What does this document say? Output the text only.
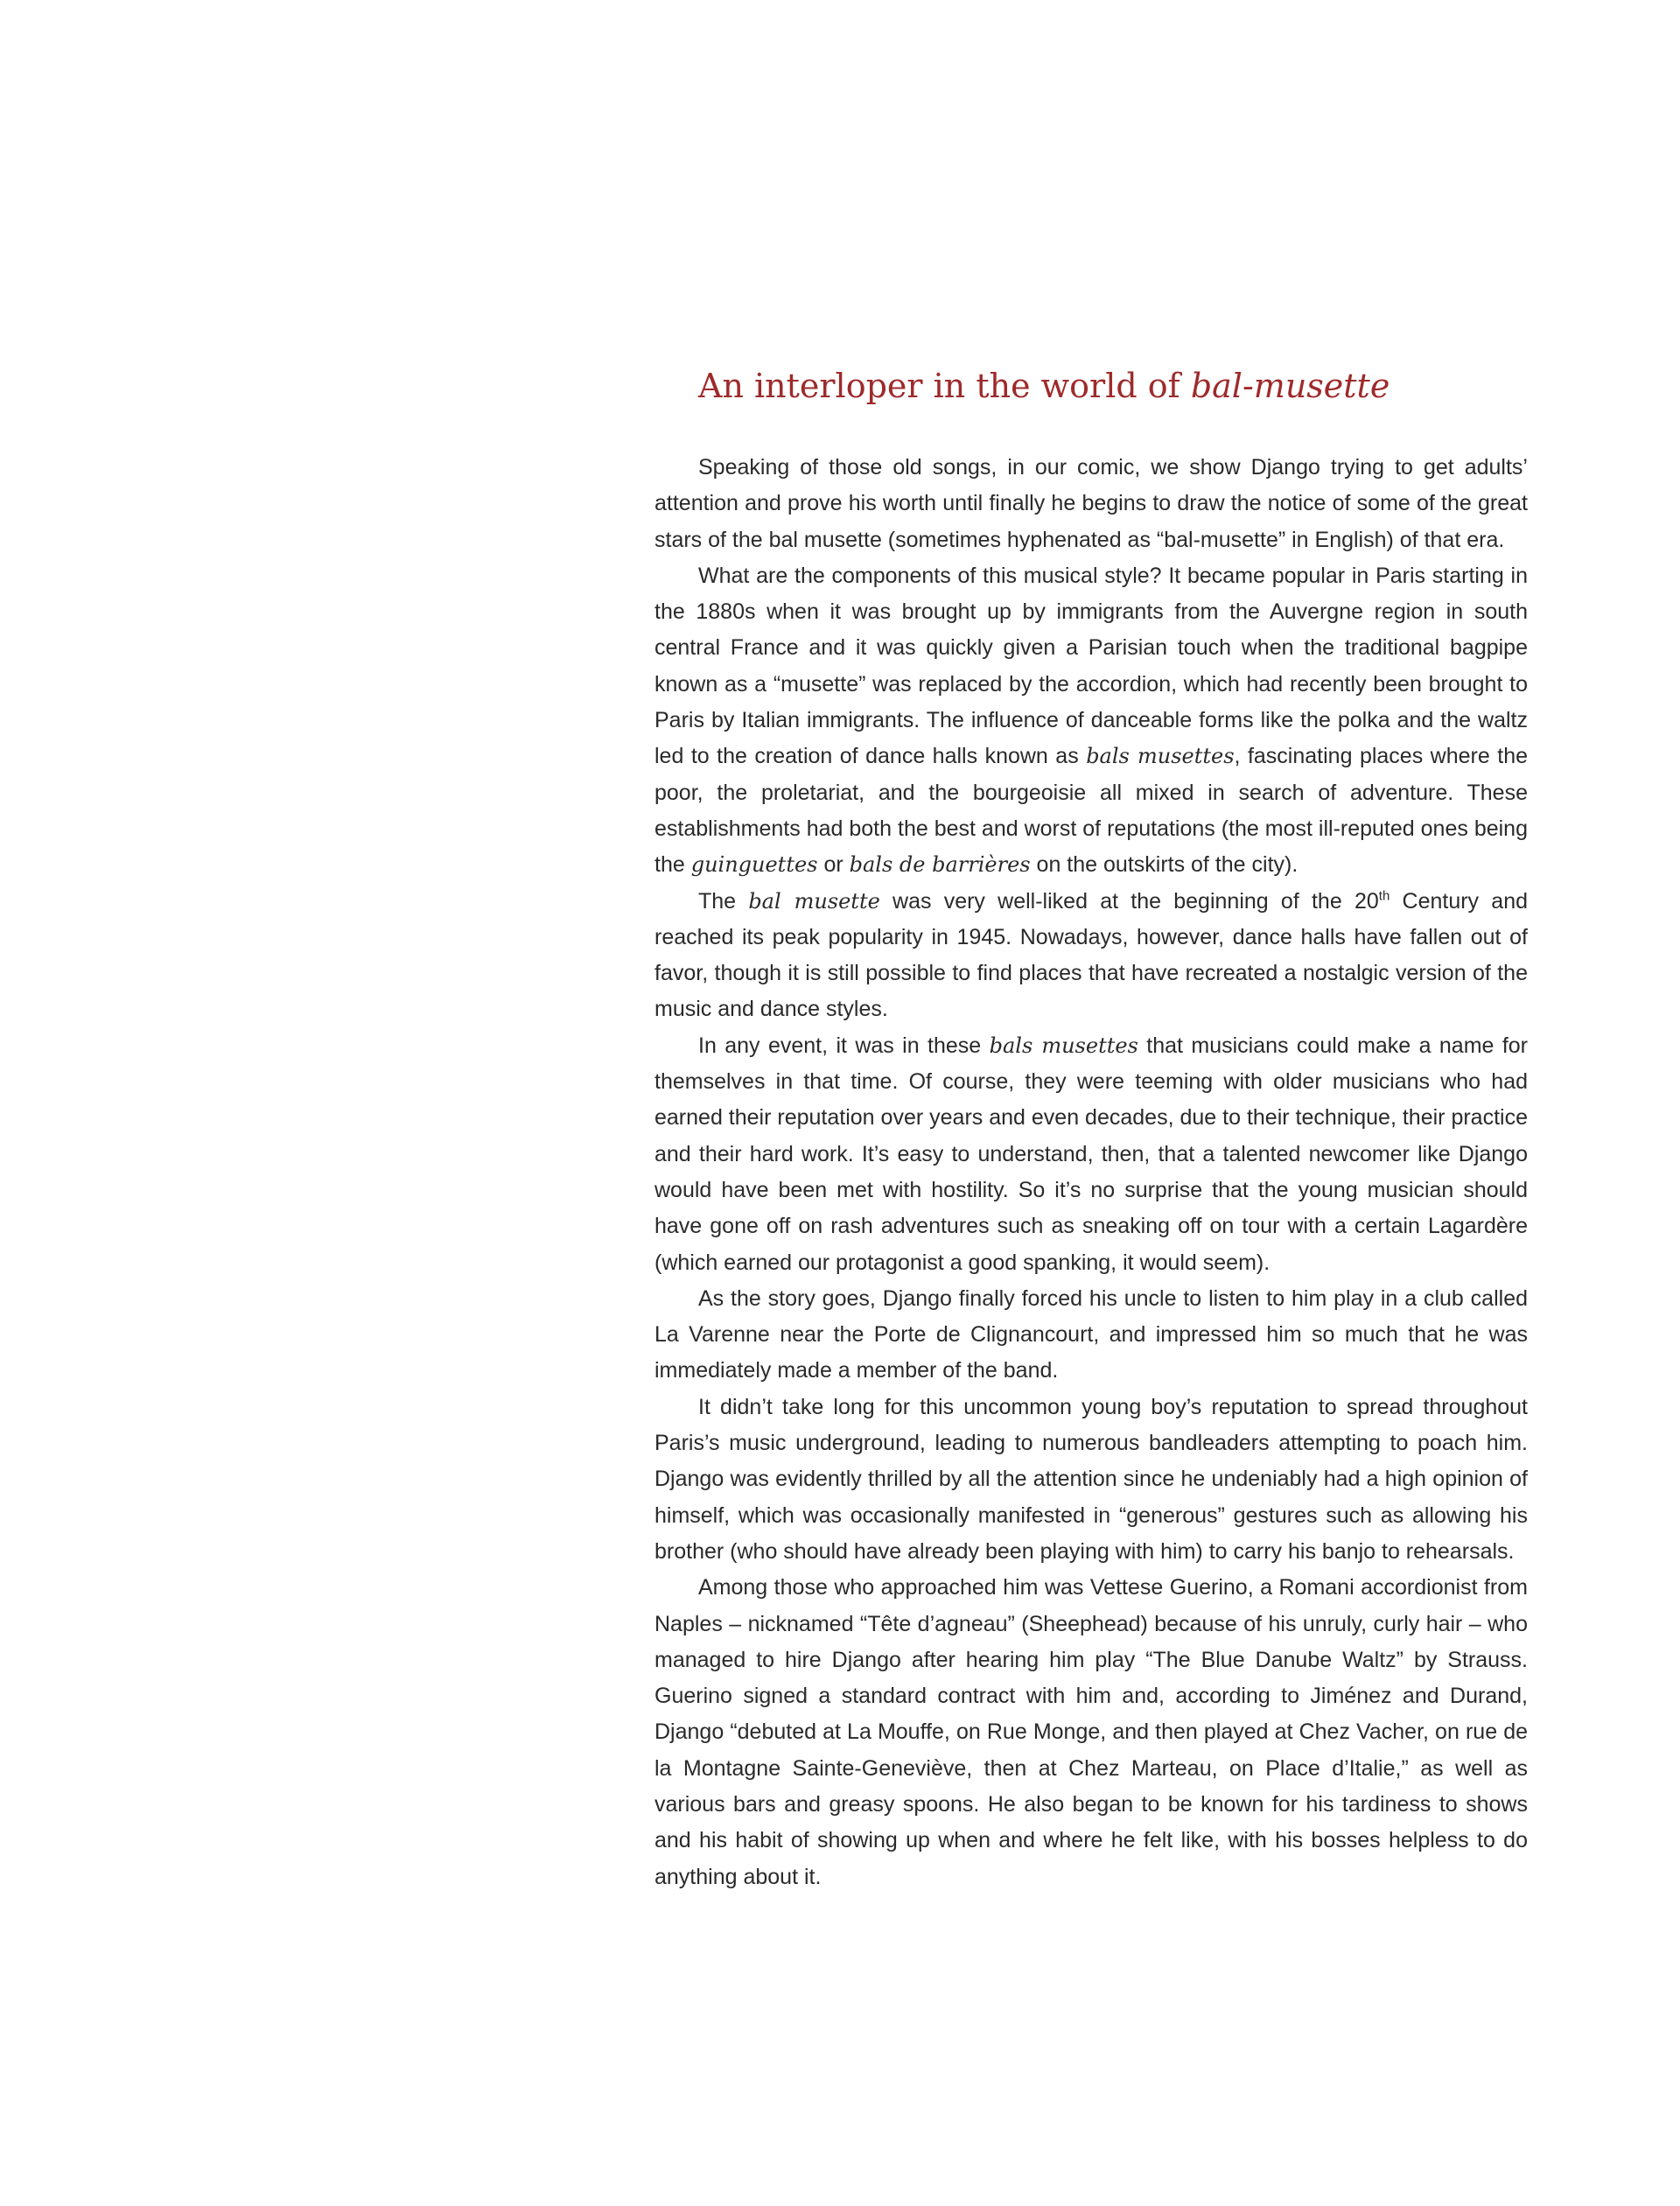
An interloper in the world of bal-musette

Speaking of those old songs, in our comic, we show Django trying to get adults’ attention and prove his worth until finally he begins to draw the notice of some of the great stars of the bal musette (sometimes hyphenated as “bal-musette” in English) of that era.

What are the components of this musical style? It became popular in Paris starting in the 1880s when it was brought up by immigrants from the Auvergne region in south central France and it was quickly given a Parisian touch when the traditional bagpipe known as a “musette” was replaced by the accordion, which had recently been brought to Paris by Italian immigrants. The influence of danceable forms like the polka and the waltz led to the creation of dance halls known as bals musettes, fascinating places where the poor, the proletariat, and the bourgeoisie all mixed in search of adventure. These establishments had both the best and worst of reputations (the most ill-reputed ones being the guinguettes or bals de barrières on the outskirts of the city).

The bal musette was very well-liked at the beginning of the 20th Century and reached its peak popularity in 1945. Nowadays, however, dance halls have fallen out of favor, though it is still possible to find places that have recreated a nostalgic version of the music and dance styles.

In any event, it was in these bals musettes that musicians could make a name for themselves in that time. Of course, they were teeming with older musicians who had earned their reputation over years and even decades, due to their technique, their practice and their hard work. It’s easy to understand, then, that a talented newcomer like Django would have been met with hostility. So it’s no surprise that the young musician should have gone off on rash adventures such as sneaking off on tour with a certain Lagardère (which earned our protagonist a good spanking, it would seem).

As the story goes, Django finally forced his uncle to listen to him play in a club called La Varenne near the Porte de Clignancourt, and impressed him so much that he was immediately made a member of the band.

It didn’t take long for this uncommon young boy’s reputation to spread throughout Paris’s music underground, leading to numerous bandleaders attempting to poach him. Django was evidently thrilled by all the attention since he undeniably had a high opinion of himself, which was occasionally manifested in “generous” gestures such as allowing his brother (who should have already been playing with him) to carry his banjo to rehearsals.

Among those who approached him was Vettese Guerino, a Romani accordionist from Naples – nicknamed “Tête d’agneau” (Sheephead) because of his unruly, curly hair – who managed to hire Django after hearing him play “The Blue Danube Waltz” by Strauss. Guerino signed a standard contract with him and, according to Jiménez and Durand, Django “debuted at La Mouffe, on Rue Monge, and then played at Chez Vacher, on rue de la Montagne Sainte-Geneviève, then at Chez Marteau, on Place d’Italie,” as well as various bars and greasy spoons. He also began to be known for his tardiness to shows and his habit of showing up when and where he felt like, with his bosses helpless to do anything about it.
